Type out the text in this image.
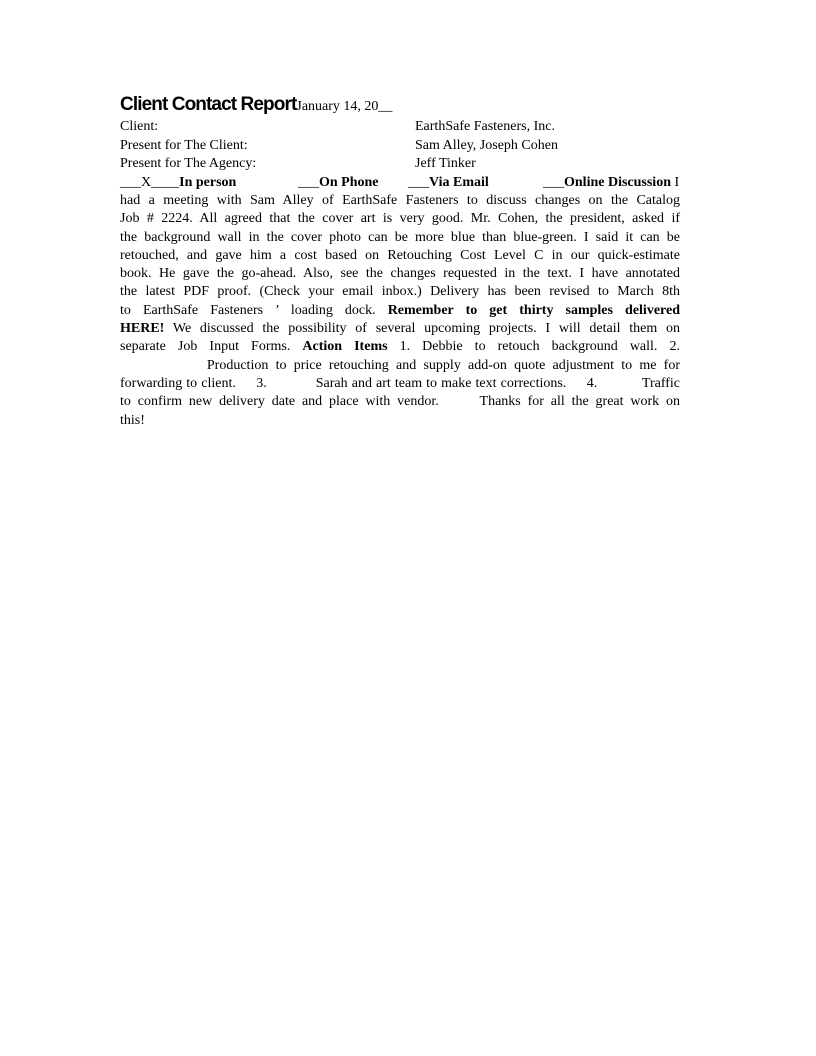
Client Contact ReportJanuary 14, 20__
Client:	EarthSafe Fasteners, Inc.
Present for The Client:	Sam Alley, Joseph Cohen
Present for The Agency:	Jeff Tinker
___X____In person	___On Phone ___Via Email	___Online Discussion I
had a meeting with Sam Alley of EarthSafe Fasteners to discuss changes on the Catalog
Job # 2224. All agreed that the cover art is very good. Mr. Cohen, the president, asked if
the background wall in the cover photo can be more blue than blue-green. I said it can be
retouched, and gave him a cost based on Retouching Cost Level C in our quick-estimate
book. He gave the go-ahead. Also, see the changes requested in the text. I have annotated
the latest PDF proof. (Check your email inbox.) Delivery has been revised to March 8th
to EarthSafe Fasteners ’ loading dock. Remember to get thirty samples delivered
HERE! We discussed the possibility of several upcoming projects. I will detail them on
separate Job Input Forms. Action Items 1. Debbie to retouch background wall. 2.
Production to price retouching and supply add-on quote adjustment to me for
forwarding to client.     3.            Sarah and art team to make text corrections.     4.           Traffic
to confirm new delivery date and place with vendor.      Thanks for all the great work on
this!
